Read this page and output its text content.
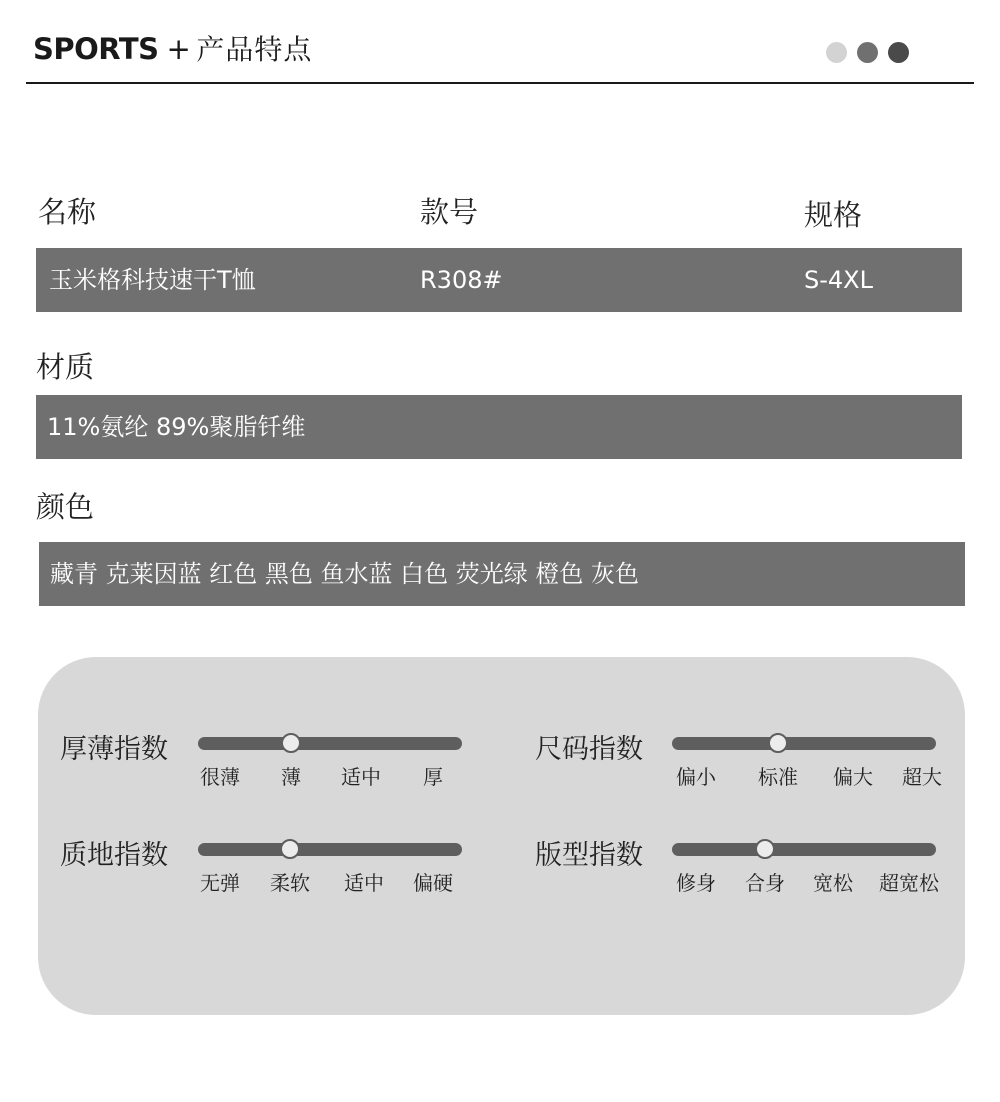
SPORTS + 产品特点
名称	款号	规格
玉米格科技速干T恤	R308#	S-4XL
材质
11%氨纶 89%聚脂钎维
颜色
藏青 克莱因蓝 红色 黑色 鱼水蓝 白色 荧光绿 橙色 灰色
厚薄指数
很薄 薄 适中 厚
尺码指数
偏小 标准 偏大 超大
质地指数
无弹 柔软 适中 偏硬
版型指数
修身 合身 宽松 超宽松
